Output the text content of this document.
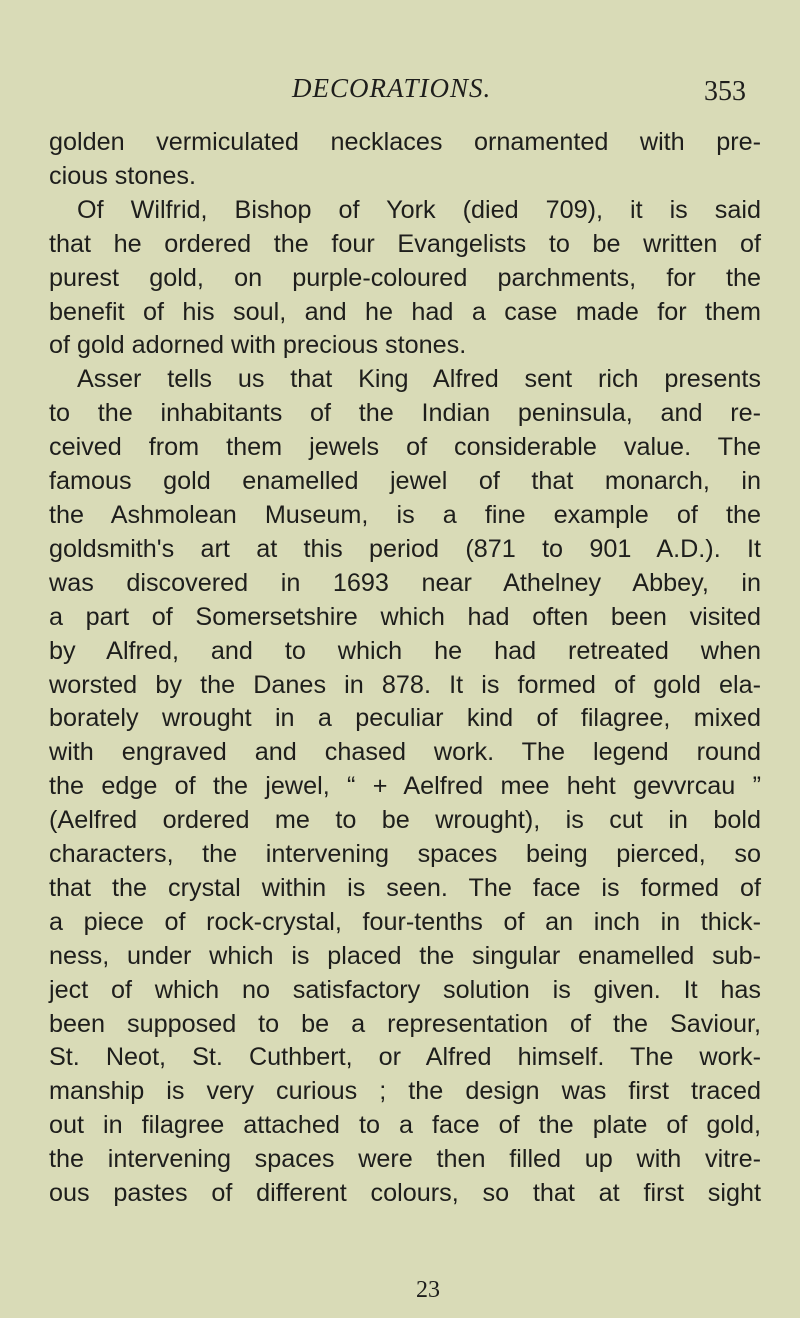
DECORATIONS.	353
golden vermiculated necklaces ornamented with pre-
cious stones.
Of Wilfrid, Bishop of York (died 709), it is said
that he ordered the four Evangelists to be written of
purest gold, on purple-coloured parchments, for the
benefit of his soul, and he had a case made for them
of gold adorned with precious stones.
Asser tells us that King Alfred sent rich presents
to the inhabitants of the Indian peninsula, and re-
ceived from them jewels of considerable value. The
famous gold enamelled jewel of that monarch, in
the Ashmolean Museum, is a fine example of the
goldsmith's art at this period (871 to 901 A.D.). It
was discovered in 1693 near Athelney Abbey, in
a part of Somersetshire which had often been visited
by Alfred, and to which he had retreated when
worsted by the Danes in 878. It is formed of gold ela-
borately wrought in a peculiar kind of filagree, mixed
with engraved and chased work. The legend round
the edge of the jewel, “ + Aelfred mee heht gevvrcau ”
(Aelfred ordered me to be wrought), is cut in bold
characters, the intervening spaces being pierced, so
that the crystal within is seen. The face is formed of
a piece of rock-crystal, four-tenths of an inch in thick-
ness, under which is placed the singular enamelled sub-
ject of which no satisfactory solution is given. It has
been supposed to be a representation of the Saviour,
St. Neot, St. Cuthbert, or Alfred himself. The work-
manship is very curious ; the design was first traced
out in filagree attached to a face of the plate of gold,
the intervening spaces were then filled up with vitre-
ous pastes of different colours, so that at first sight
23
